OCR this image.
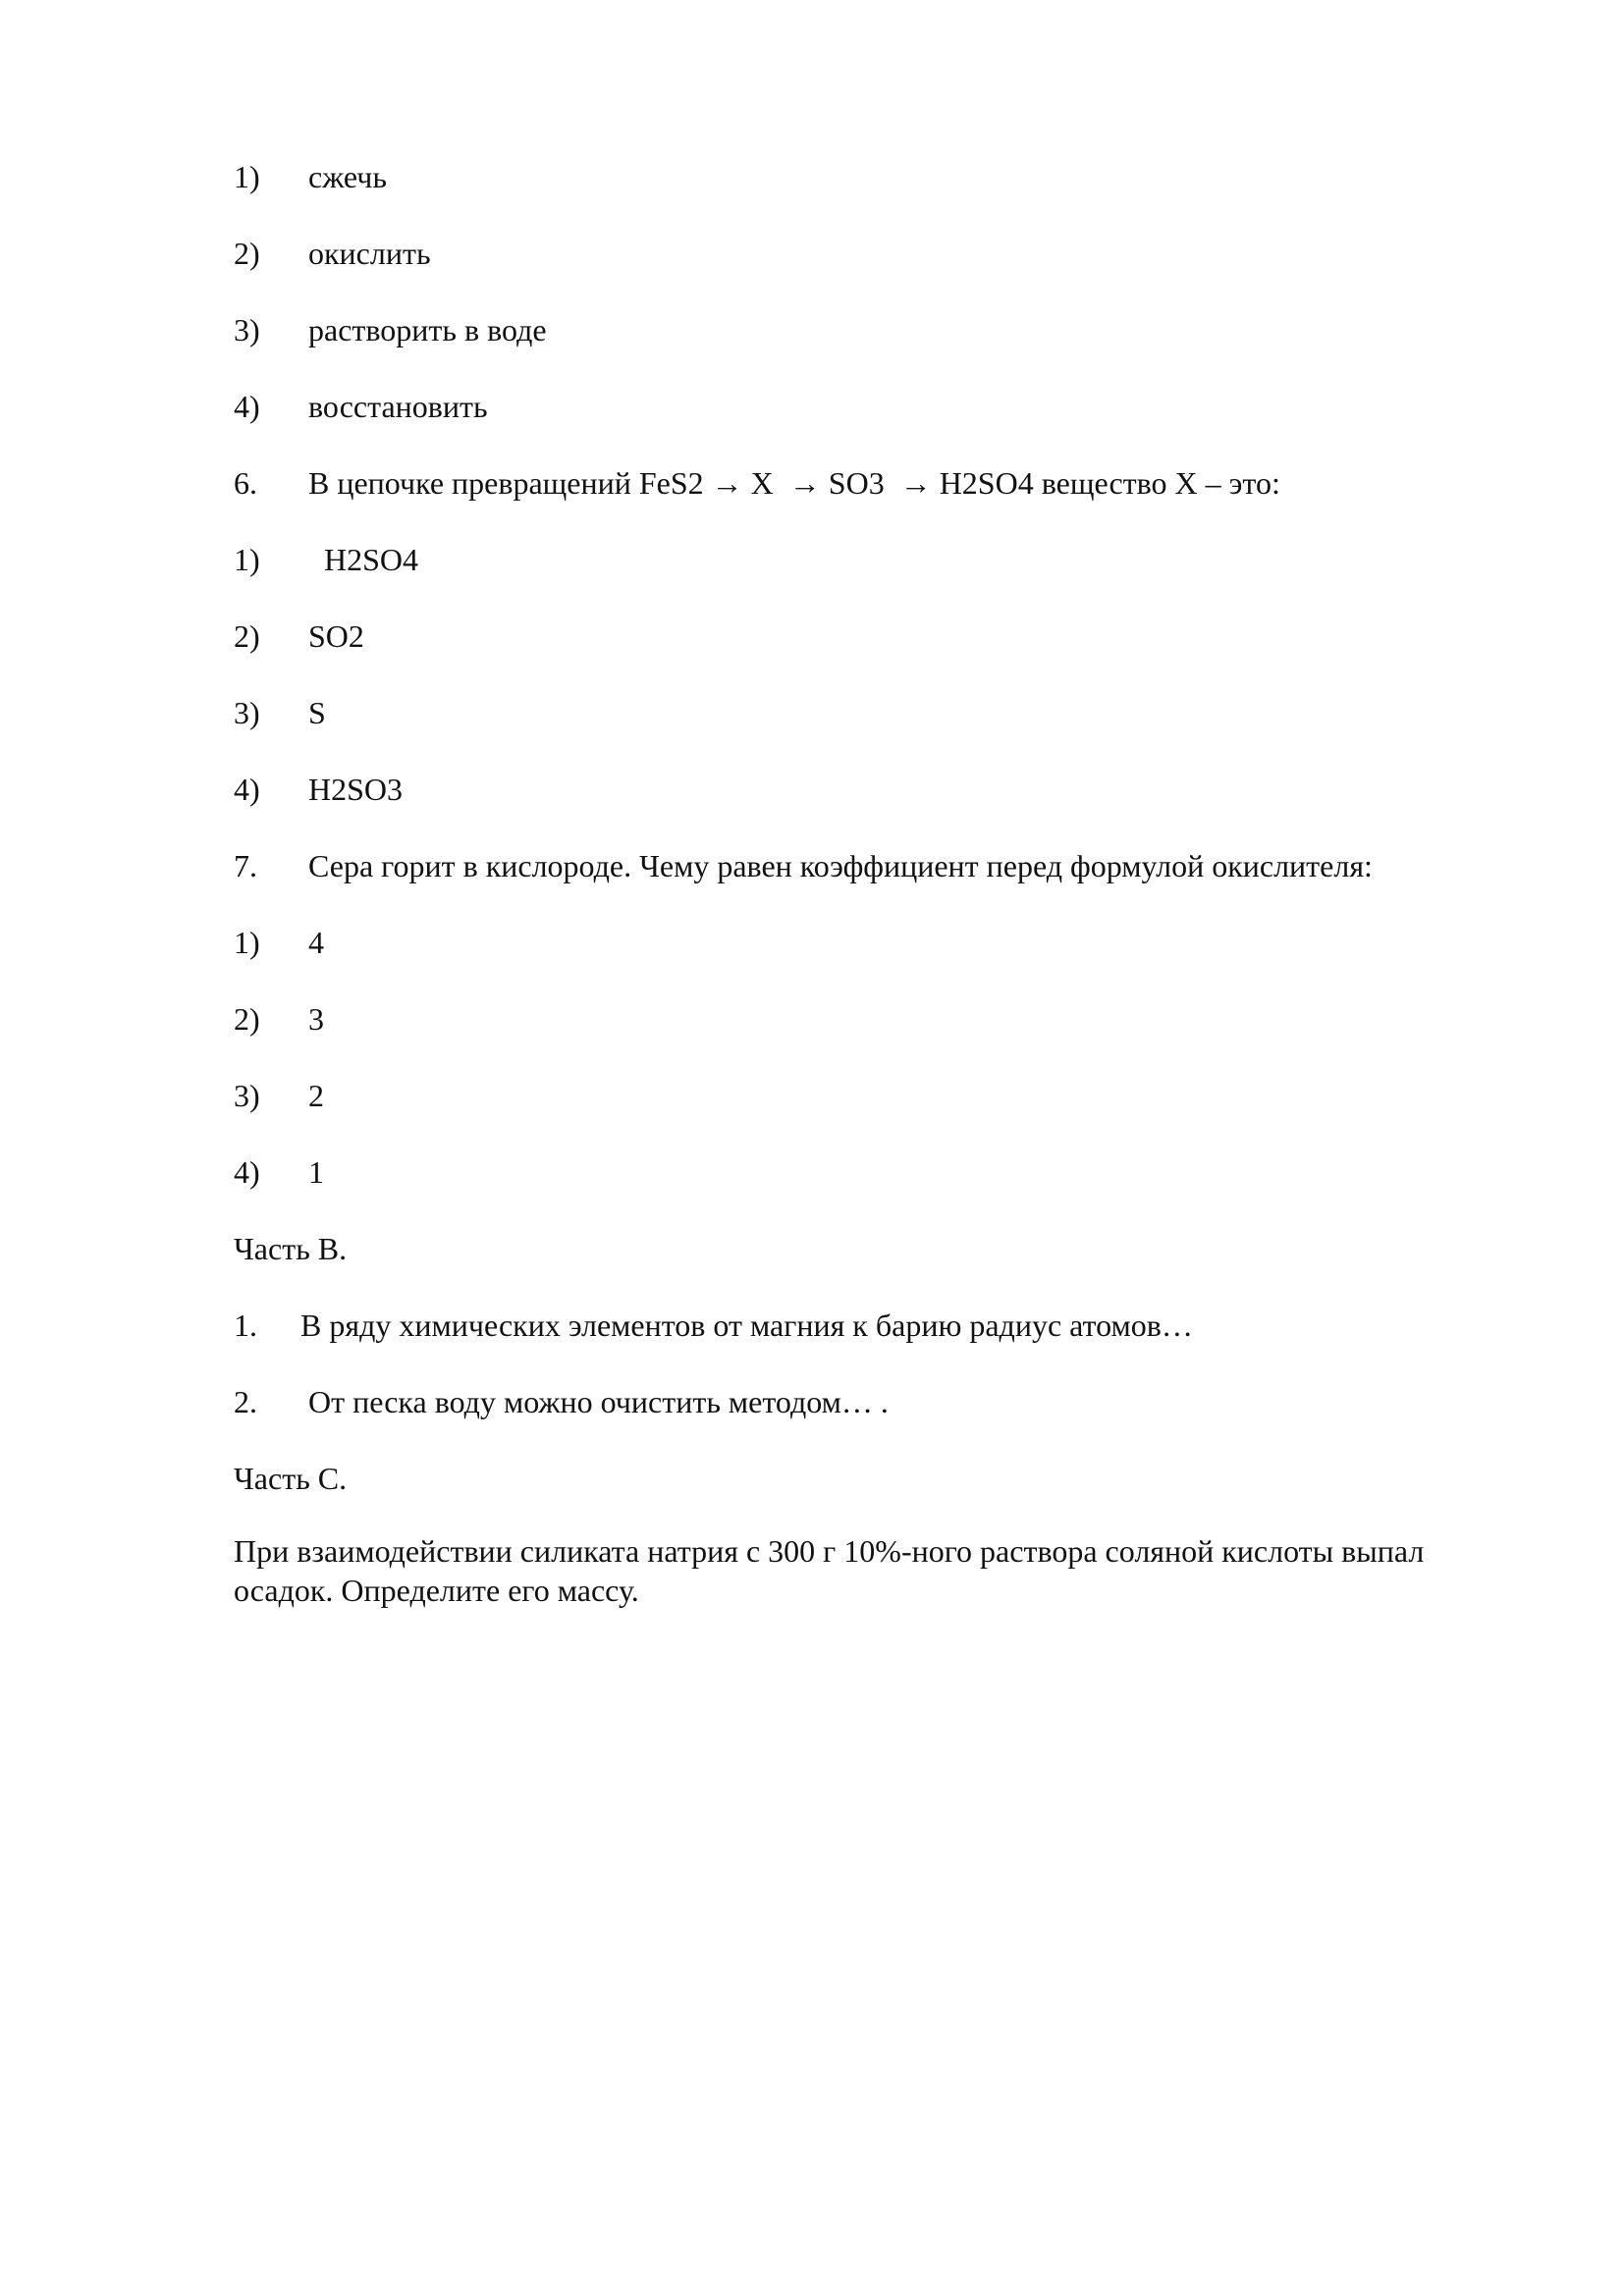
1) сжечь
2) окислить
3) растворить в воде
4) восстановить
6. В цепочке превращений FeS2 → X  → SO3  → H2SO4 вещество X – это:
1)  H2SO4
2) SO2
3) S
4) H2SO3
7. Сера горит в кислороде. Чему равен коэффициент перед формулой окислителя:
1) 4
2) 3
3) 2
4) 1
Часть В.
1. В ряду химических элементов от магния к барию радиус атомов…
2. От песка воду можно очистить методом… .
Часть С.
При взаимодействии силиката натрия с 300 г 10%-ного раствора соляной кислоты выпал осадок. Определите его массу.
